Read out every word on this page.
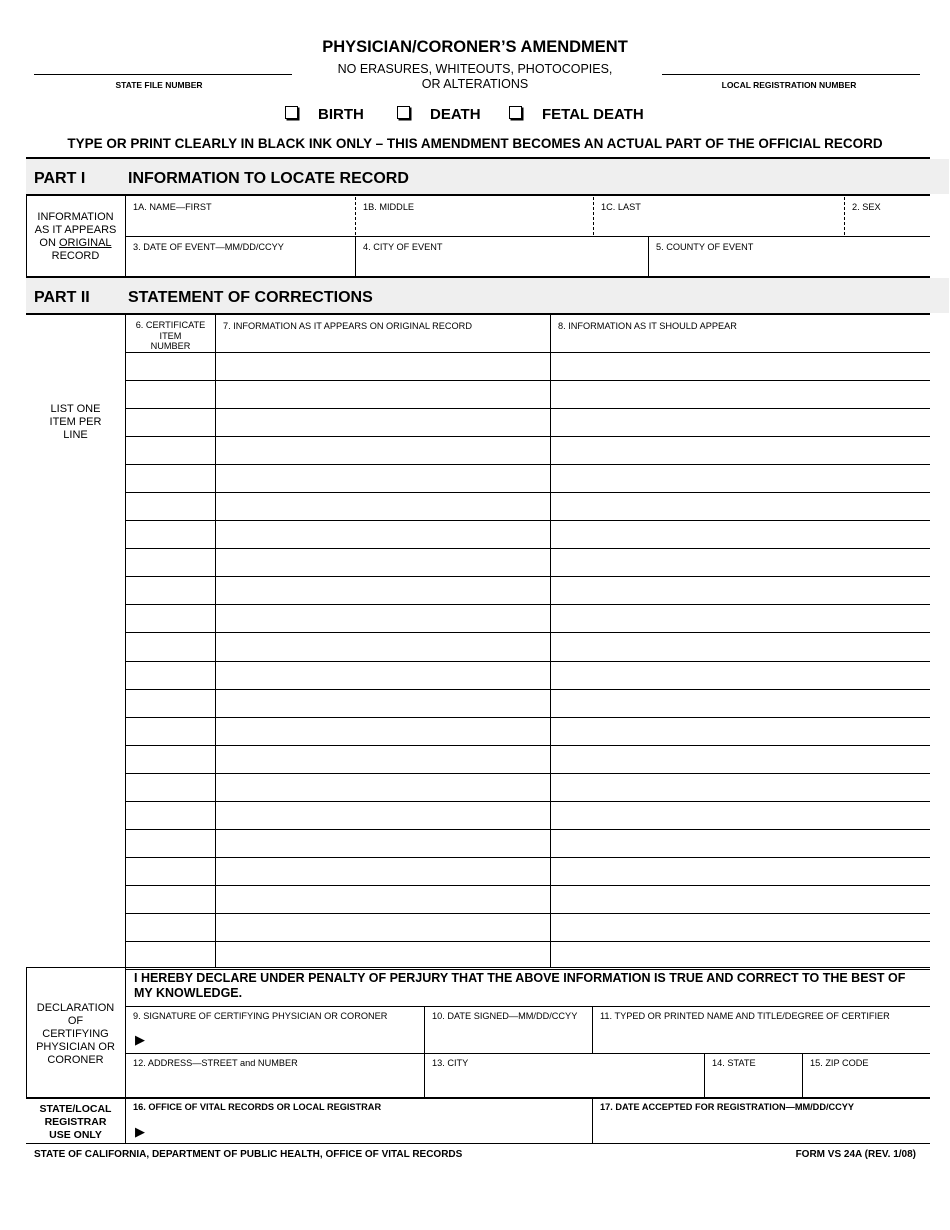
PHYSICIAN/CORONER’S AMENDMENT
NO ERASURES, WHITEOUTS, PHOTOCOPIES,
OR ALTERATIONS
STATE FILE NUMBER	LOCAL REGISTRATION NUMBER
BIRTH	DEATH	FETAL DEATH
TYPE OR PRINT CLEARLY IN BLACK INK ONLY – THIS AMENDMENT BECOMES AN ACTUAL PART OF THE OFFICIAL RECORD
PART I	INFORMATION TO LOCATE RECORD
INFORMATION
AS IT APPEARS
ON ORIGINAL
RECORD
1A. NAME—FIRST	1B. MIDDLE	1C. LAST	2. SEX
3. DATE OF EVENT—MM/DD/CCYY	4. CITY OF EVENT	5. COUNTY OF EVENT
PART II STATEMENT OF CORRECTIONS
LIST ONE
ITEM PER
LINE
6. CERTIFICATE
ITEM
NUMBER
7. INFORMATION AS IT APPEARS ON ORIGINAL RECORD	8. INFORMATION AS IT SHOULD APPEAR
DECLARATION
OF
CERTIFYING
PHYSICIAN OR
CORONER
I HEREBY DECLARE UNDER PENALTY OF PERJURY THAT THE ABOVE INFORMATION IS TRUE AND CORRECT TO THE BEST OF
MY KNOWLEDGE.
9. SIGNATURE OF CERTIFYING PHYSICIAN OR CORONER
▶
10. DATE SIGNED—MM/DD/CCYY 11. TYPED OR PRINTED NAME AND TITLE/DEGREE OF CERTIFIER
12. ADDRESS—STREET and NUMBER	13. CITY	14. STATE	15. ZIP CODE
STATE/LOCAL
REGISTRAR
USE ONLY
16. OFFICE OF VITAL RECORDS OR LOCAL REGISTRAR
▶
17. DATE ACCEPTED FOR REGISTRATION—MM/DD/CCYY
STATE OF CALIFORNIA, DEPARTMENT OF PUBLIC HEALTH, OFFICE OF VITAL RECORDS	FORM VS 24A (REV. 1/08)
